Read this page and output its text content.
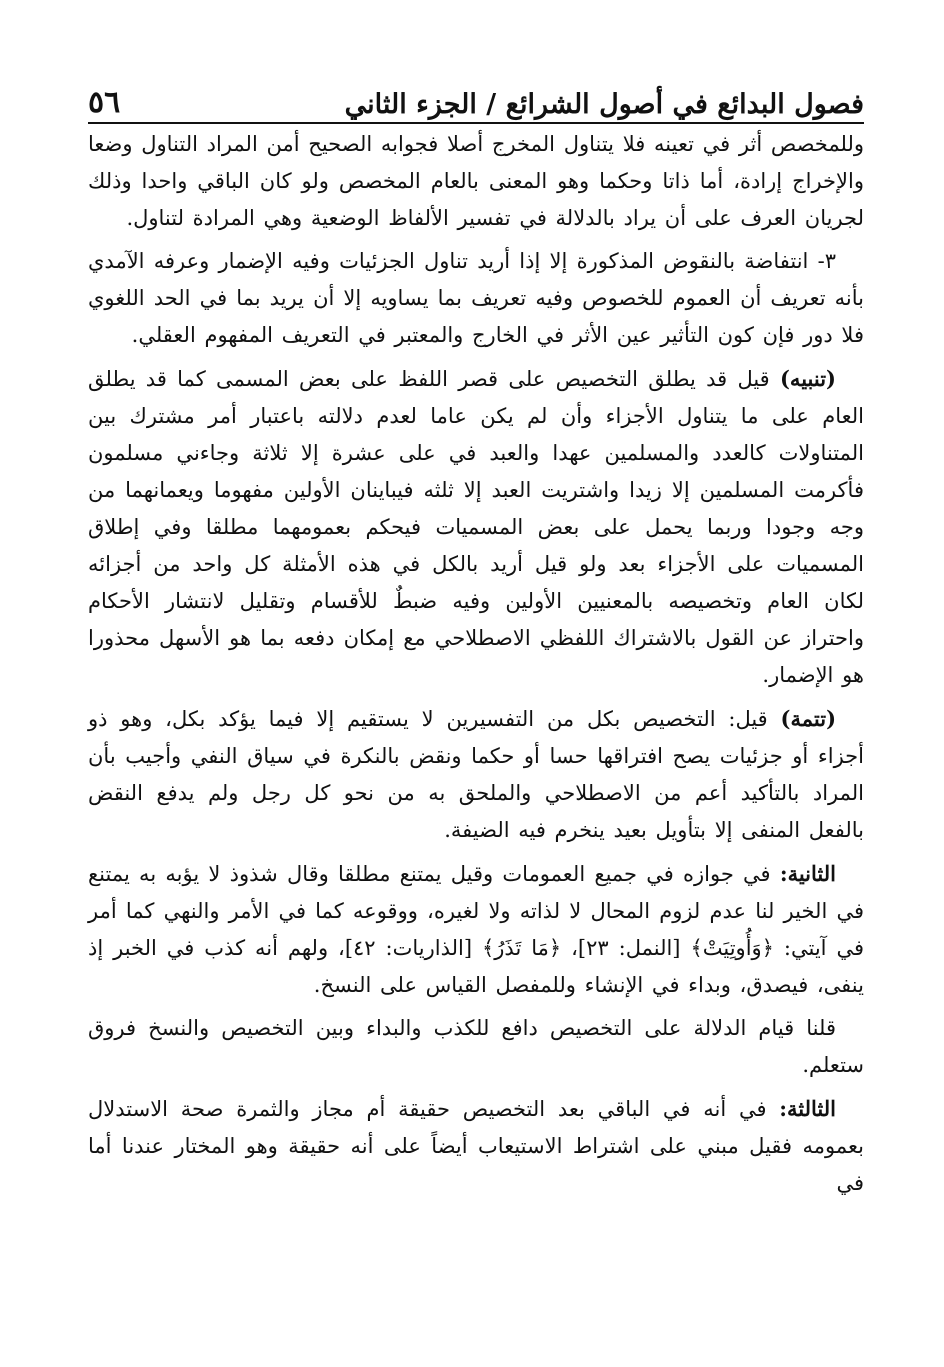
فصول البدائع في أصول الشرائع / الجزء الثاني
٥٦

وللمخصص أثر في تعينه فلا يتناول المخرج أصلا فجوابه الصحيح أمن المراد التناول وضعا والإخراج إرادة، أما ذاتا وحكما وهو المعنى بالعام المخصص ولو كان الباقي واحدا وذلك لجريان العرف على أن يراد بالدلالة في تفسير الألفاظ الوضعية وهي المرادة لتناول.

٣- انتفاضة بالنقوض المذكورة إلا إذا أريد تناول الجزئيات وفيه الإضمار وعرفه الآمدي بأنه تعريف أن العموم للخصوص وفيه تعريف بما يساويه إلا أن يريد بما في الحد اللغوي فلا دور فإن كون التأثير عين الأثر في الخارج والمعتبر في التعريف المفهوم العقلي.

(تنبيه) قيل قد يطلق التخصيص على قصر اللفظ على بعض المسمى كما قد يطلق العام على ما يتناول الأجزاء وأن لم يكن عاما لعدم دلالته باعتبار أمر مشترك بين المتناولات كالعدد والمسلمين عهدا والعبد في على عشرة إلا ثلاثة وجاءني مسلمون فأكرمت المسلمين إلا زيدا واشتريت العبد إلا ثلثه فيباينان الأولين مفهوما ويعمانهما من وجه وجودا وربما يحمل على بعض المسميات فيحكم بعمومهما مطلقا وفي إطلاق المسميات على الأجزاء بعد ولو قيل أريد بالكل في هذه الأمثلة كل واحد من أجزائه لكان العام وتخصيصه بالمعنيين الأولين وفيه ضبطٌ للأقسام وتقليل لانتشار الأحكام واحتراز عن القول بالاشتراك اللفظي الاصطلاحي مع إمكان دفعه بما هو الأسهل محذورا هو الإضمار.

(تتمة) قيل: التخصيص بكل من التفسيرين لا يستقيم إلا فيما يؤكد بكل، وهو ذو أجزاء أو جزئيات يصح افتراقها حسا أو حكما ونقض بالنكرة في سياق النفي وأجيب بأن المراد بالتأكيد أعم من الاصطلاحي والملحق به من نحو كل رجل ولم يدفع النقض بالفعل المنفى إلا بتأويل بعيد ينخرم فيه الضيفة.

الثانية: في جوازه في جميع العمومات وقيل يمتنع مطلقا وقال شذوذ لا يؤبه به يمتنع في الخير لنا عدم لزوم المحال لا لذاته ولا لغيره، ووقوعه كما في الأمر والنهي كما أمر في آيتي: ﴿وَأُوتِيَتْ﴾ [النمل: ٢٣]، ﴿مَا تَذَرُ﴾ [الذاريات: ٤٢]، ولهم أنه كذب في الخبر إذ ينفى، فيصدق، وبداء في الإنشاء وللمفصل القياس على النسخ.

قلنا قيام الدلالة على التخصيص دافع للكذب والبداء وبين التخصيص والنسخ فروق ستعلم.

الثالثة: في أنه في الباقي بعد التخصيص حقيقة أم مجاز والثمرة صحة الاستدلال بعمومه فقيل مبني على اشتراط الاستيعاب أيضاً على أنه حقيقة وهو المختار عندنا أما في
